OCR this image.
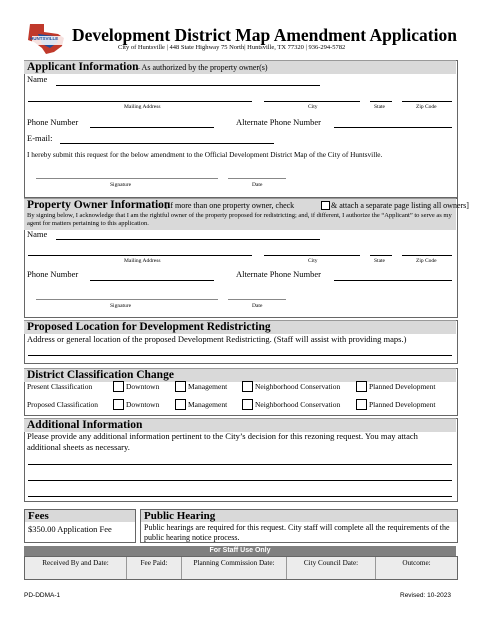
HUNTSVILLE Development District Map Amendment Application
City of Huntsville | 448 State Highway 75 North| Huntsville, TX 77320 | 936-294-5782
Applicant Information
– As authorized by the property owner(s)
Name
Mailing Address	City	State	Zip Code
Phone Number	Alternate Phone Number
E-mail:
I hereby submit this request for the below amendment to the Official Development District Map of the City of Huntsville.
Signature	Date
Property Owner Information
[If more than one property owner, check	& attach a separate page listing all owners]
By signing below, I acknowledge that I am the rightful owner of the property proposed for redistricting; and, if different, I authorize the “Applicant” to serve as my agent for matters pertaining to this application.
Name
Mailing Address	City	State	Zip Code
Phone Number	Alternate Phone Number
Signature	Date
Proposed Location for Development Redistricting
Address or general location of the proposed Development Redistricting. (Staff will assist with providing maps.)
District Classification Change
Present Classification	Downtown	Management	Neighborhood Conservation	Planned Development
Proposed Classification	Downtown	Management	Neighborhood Conservation	Planned Development
Additional Information
Please provide any additional information pertinent to the City’s decision for this rezoning request. You may attach additional sheets as necessary.
Fees
$350.00 Application Fee
Public Hearing
Public hearings are required for this request. City staff will complete all the requirements of the public hearing notice process.
For Staff Use Only
Received By and Date:	Fee Paid:	Planning Commission Date:	City Council Date:	Outcome:
PD-DDMA-1	Revised: 10-2023
